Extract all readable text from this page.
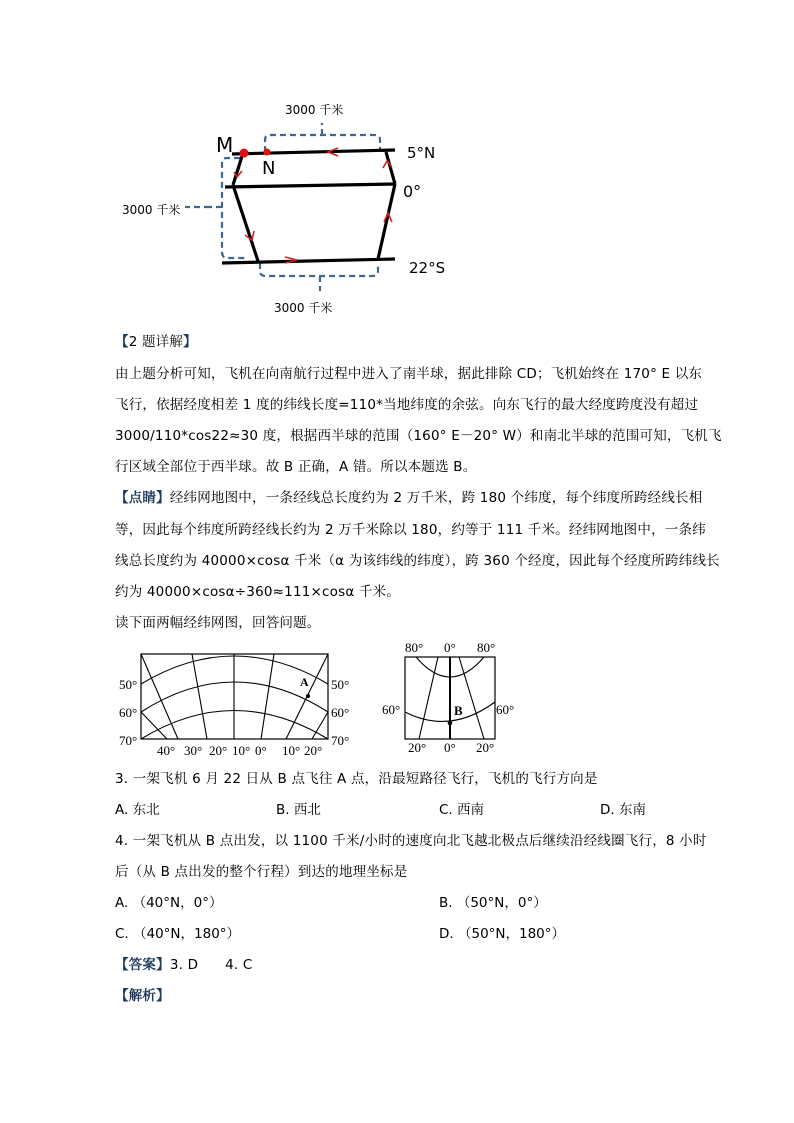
M
N
5°N
0°
22°S
3000 千米
3000 千米
3000 千米
【2 题详解】
由上题分析可知，飞机在向南航行过程中进入了南半球，据此排除 CD；飞机始终在 170° E 以东
飞行，依据经度相差 1 度的纬线长度=110*当地纬度的余弦。向东飞行的最大经度跨度没有超过
3000/110*cos22≈30 度，根据西半球的范围（160° E－20° W）和南北半球的范围可知，飞机飞
行区域全部位于西半球。故 B 正确，A 错。所以本题选 B。
【点睛】经纬网地图中，一条经线总长度约为 2 万千米，跨 180 个纬度，每个纬度所跨经线长相
等，因此每个纬度所跨经线长约为 2 万千米除以 180，约等于 111 千米。经纬网地图中，一条纬
线总长度约为 40000×cosα 千米（α 为该纬线的纬度），跨 360 个经度，因此每个经度所跨纬线长
约为 40000×cosα÷360≈111×cosα 千米。
读下面两幅经纬网图，回答问题。
50°
60°
70°
50°
60°
70°
40° 30° 20° 10° 0° 10° 20°
A
80° 0° 80°
60°	60°
20° 0° 20°
B
3. 一架飞机 6 月 22 日从 B 点飞往 A 点，沿最短路径飞行，飞机的飞行方向是
A. 东北	B. 西北	C. 西南	D. 东南
4. 一架飞机从 B 点出发，以 1100 千米/小时的速度向北飞越北极点后继续沿经线圈飞行，8 小时
后（从 B 点出发的整个行程）到达的地理坐标是
A. （40°N，0°）	B. （50°N，0°）
C. （40°N，180°）	D. （50°N，180°）
【答案】3. D      4. C
【解析】
